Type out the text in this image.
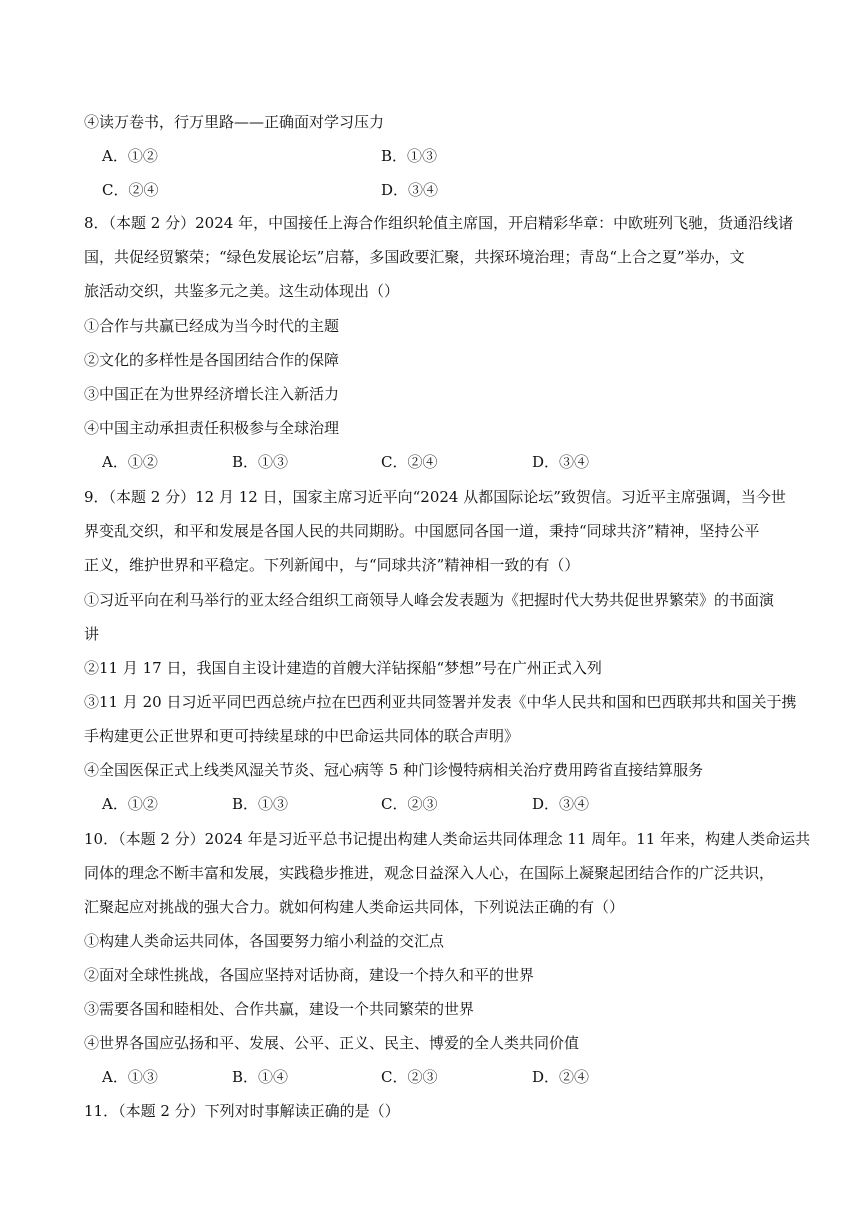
④读万卷书，行万里路——正确面对学习压力
A．①②	B．①③
C．②④	D．③④
8．（本题 2 分）2024 年，中国接任上海合作组织轮值主席国，开启精彩华章：中欧班列飞驰，货通沿线诸
国，共促经贸繁荣；“绿色发展论坛”启幕，多国政要汇聚，共探环境治理；青岛“上合之夏”举办，文
旅活动交织，共鉴多元之美。这生动体现出（）
①合作与共赢已经成为当今时代的主题
②文化的多样性是各国团结合作的保障
③中国正在为世界经济增长注入新活力
④中国主动承担责任积极参与全球治理
A．①②	B．①③	C．②④	D．③④
9．（本题 2 分）12 月 12 日，国家主席习近平向“2024 从都国际论坛”致贺信。习近平主席强调，当今世
界变乱交织，和平和发展是各国人民的共同期盼。中国愿同各国一道，秉持“同球共济”精神，坚持公平
正义，维护世界和平稳定。下列新闻中，与“同球共济”精神相一致的有（）
①习近平向在利马举行的亚太经合组织工商领导人峰会发表题为《把握时代大势共促世界繁荣》的书面演
讲
②11 月 17 日，我国自主设计建造的首艘大洋钻探船“梦想”号在广州正式入列
③11 月 20 日习近平同巴西总统卢拉在巴西利亚共同签署并发表《中华人民共和国和巴西联邦共和国关于携
手构建更公正世界和更可持续星球的中巴命运共同体的联合声明》
④全国医保正式上线类风湿关节炎、冠心病等 5 种门诊慢特病相关治疗费用跨省直接结算服务
A．①②	B．①③	C．②③	D．③④
10．（本题 2 分）2024 年是习近平总书记提出构建人类命运共同体理念 11 周年。11 年来，构建人类命运共
同体的理念不断丰富和发展，实践稳步推进，观念日益深入人心，在国际上凝聚起团结合作的广泛共识，
汇聚起应对挑战的强大合力。就如何构建人类命运共同体，下列说法正确的有（）
①构建人类命运共同体，各国要努力缩小利益的交汇点
②面对全球性挑战，各国应坚持对话协商，建设一个持久和平的世界
③需要各国和睦相处、合作共赢，建设一个共同繁荣的世界
④世界各国应弘扬和平、发展、公平、正义、民主、博爱的全人类共同价值
A．①③	B．①④	C．②③	D．②④
11．（本题 2 分）下列对时事解读正确的是（）
